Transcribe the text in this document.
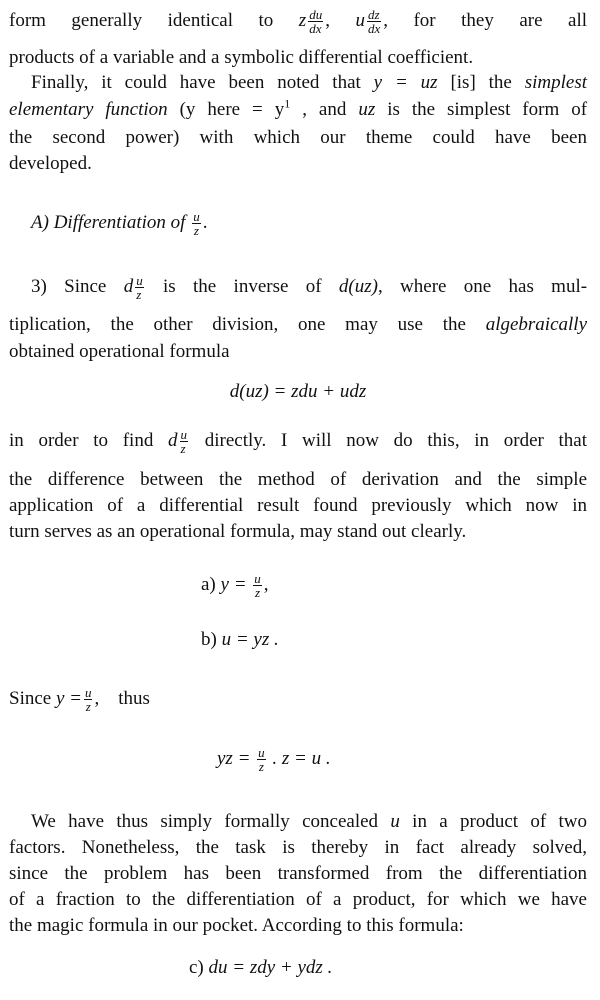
form generally identical to z $\frac{du}{dx}$ , u $\frac{dz}{dx}$ , for they are all
products of a variable and a symbolic differential coefficient.
Finally, it could have been noted that y = uz [is] the simplest
elementary function (y here = $y^1$ , and uz is the simplest form of
the second power) with which our theme could have been
developed.
A) Differentiation of $\frac{u}{z}$ .
3) Since d $\frac{u}{z}$ is the inverse of d(uz), where one has mul-
tiplication, the other division, one may use the algebraically
obtained operational formula
d(uz) = zdu + udz
in order to find d $\frac{u}{z}$ directly. I will now do this, in order that
the difference between the method of derivation and the simple
application of a differential result found previously which now in
turn serves as an operational formula, may stand out clearly.
a) $y = \frac{u}{z}$ ,
b) u = yz .
Since $y = \frac{u}{z}$ , thus
yz = $\frac{u}{z}$ . z = u .
We have thus simply formally concealed u in a product of two
factors. Nonetheless, the task is thereby in fact already solved,
since the problem has been transformed from the differentiation
of a fraction to the differentiation of a product, for which we have
the magic formula in our pocket. According to this formula:
c) du = zdy + ydz .
